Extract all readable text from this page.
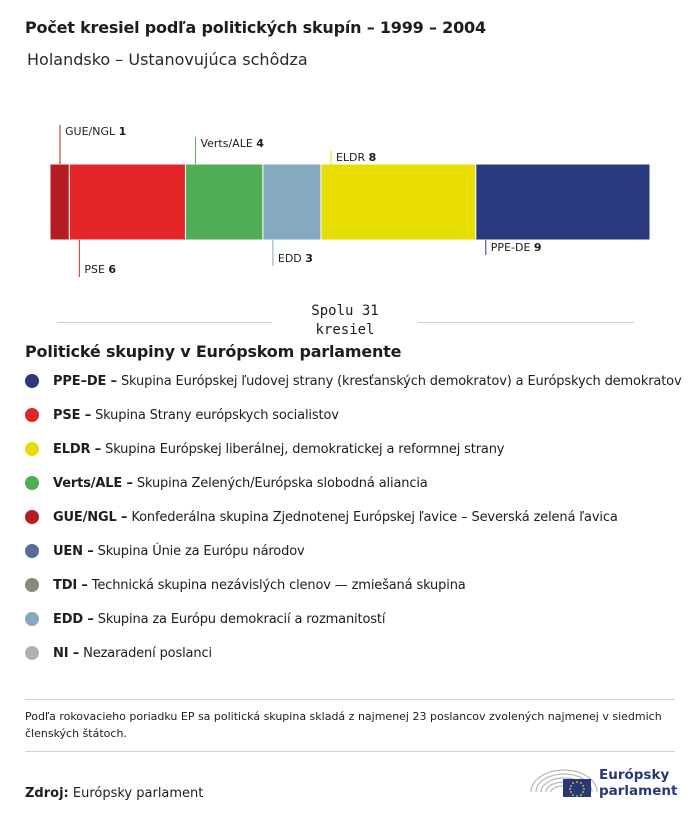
Počet kresiel podľa politických skupín – 1999 – 2004
Holandsko – Ustanovujúca schôdza
GUE/NGL 1
PSE 6
Verts/ALE 4
EDD 3
ELDR 8
PPE-DE 9
Spolu 31
kresiel
Politické skupiny v Európskom parlamente
PPE–DE – Skupina Európskej ľudovej strany (kresťanských demokratov) a Európskych demokratov
PSE – Skupina Strany európskych socialistov
ELDR – Skupina Európskej liberálnej, demokratickej a reformnej strany
Verts/ALE – Skupina Zelených/Európska slobodná aliancia
GUE/NGL – Konfederálna skupina Zjednotenej Európskej ľavice – Severská zelená ľavica
UEN – Skupina Únie za Európu národov
TDI – Technická skupina nezávislých clenov — zmiešaná skupina
EDD – Skupina za Európu demokracií a rozmanitostí
NI – Nezaradení poslanci
Podľa rokovacieho poriadku EP sa politická skupina skladá z najmenej 23 poslancov zvolených najmenej v siedmich členských štátoch.
Zdroj: Európsky parlament
Európsky
parlament
